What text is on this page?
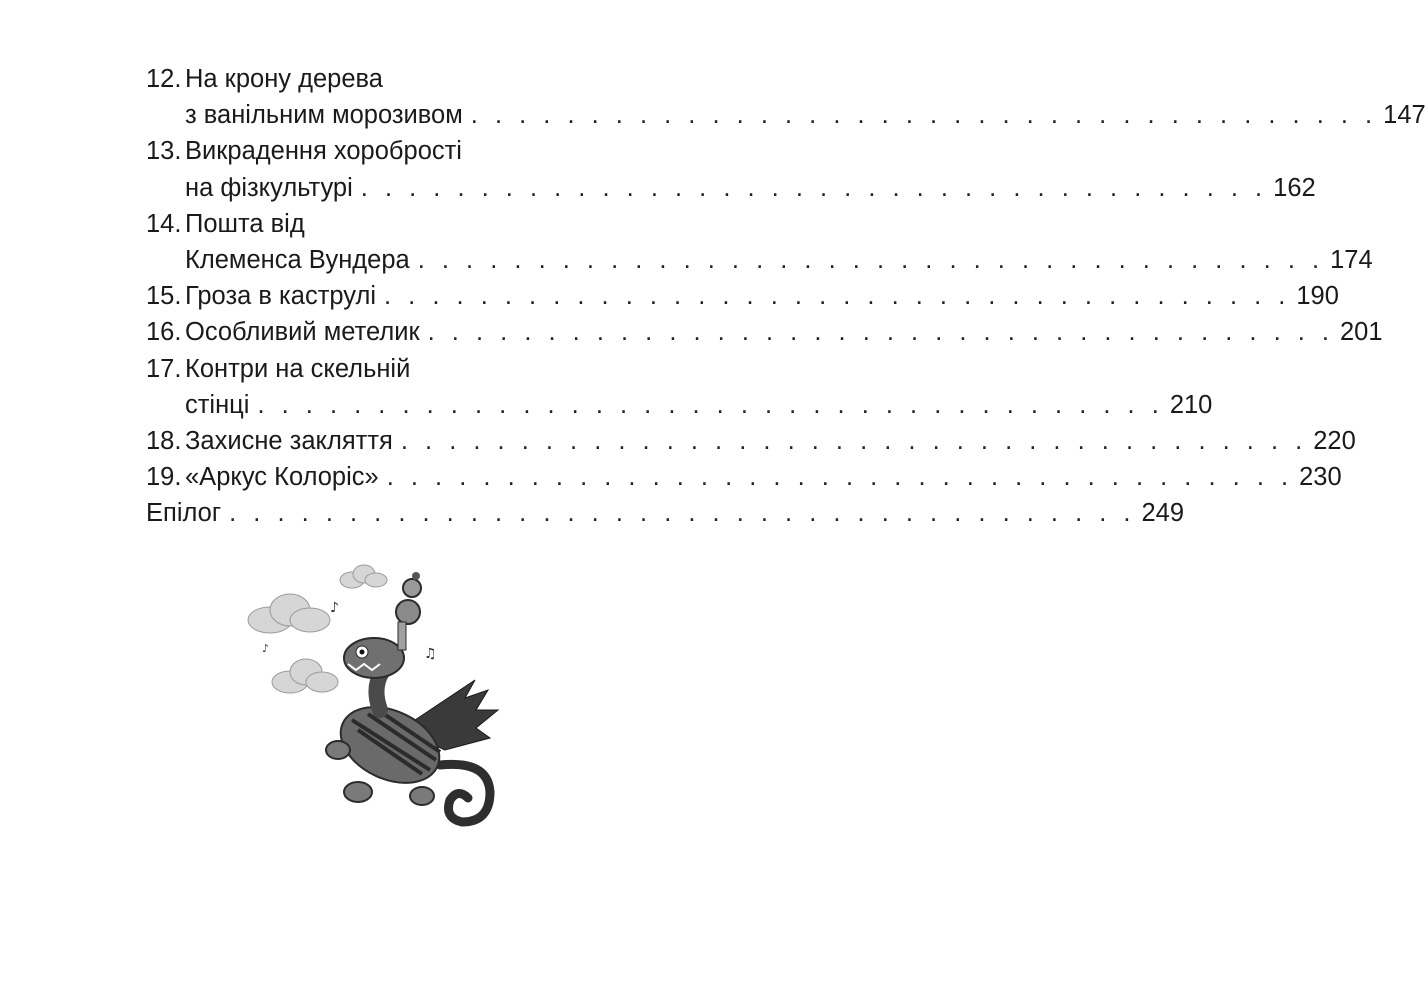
12. На крону дерева
з ванільним морозивом . . . . . . . . . . . . . . . . . . . . . . . . . . . . . . . . . . . . . . 147
13. Викрадення хоробрості
на фізкультурі . . . . . . . . . . . . . . . . . . . . . . . . . . . . . . . . . . . . . . 162
14. Пошта від
Клеменса Вундера . . . . . . . . . . . . . . . . . . . . . . . . . . . . . . . . . . . . . . 174
15. Гроза в каструлі . . . . . . . . . . . . . . . . . . . . . . . . . . . . . . . . . . . . . . 190
16. Особливий метелик . . . . . . . . . . . . . . . . . . . . . . . . . . . . . . . . . . . . . . 201
17. Контри на скельній
стінці . . . . . . . . . . . . . . . . . . . . . . . . . . . . . . . . . . . . . . 210
18. Захисне закляття . . . . . . . . . . . . . . . . . . . . . . . . . . . . . . . . . . . . . . 220
19. «Аркус Колоріс» . . . . . . . . . . . . . . . . . . . . . . . . . . . . . . . . . . . . . . 230
Епілог . . . . . . . . . . . . . . . . . . . . . . . . . . . . . . . . . . . . . . 249
♪
♪	♫
